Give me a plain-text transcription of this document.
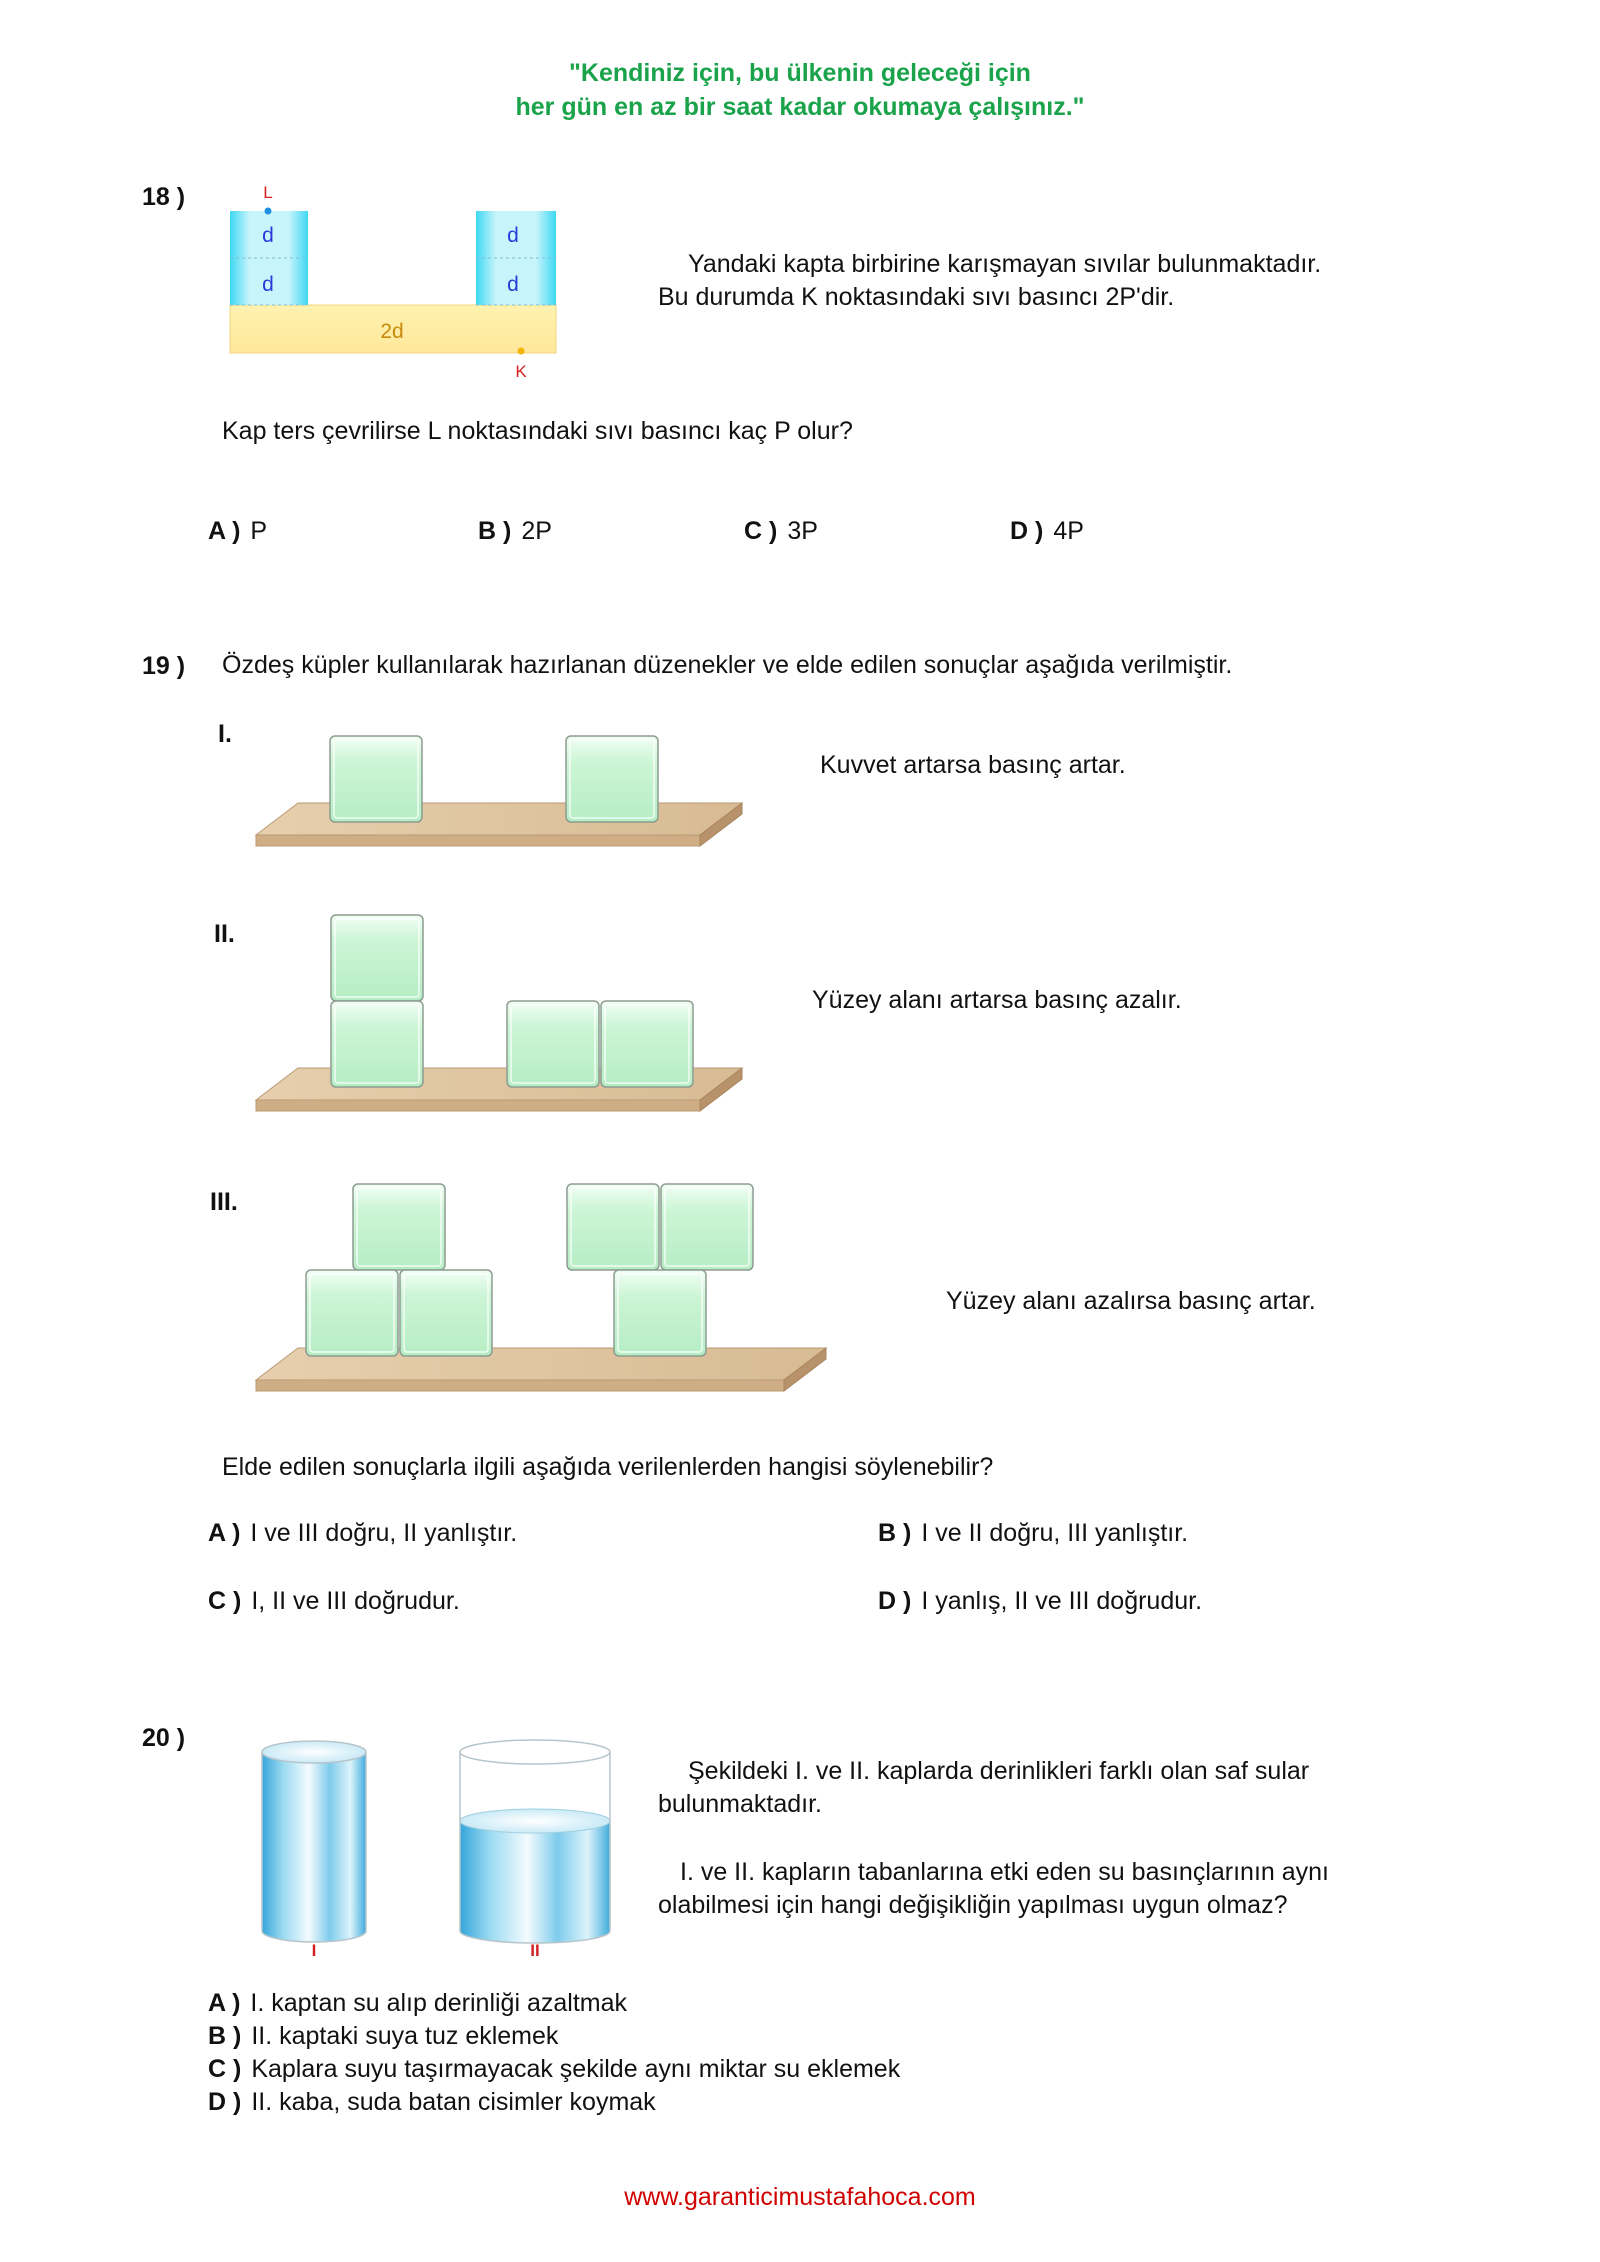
"Kendiniz için, bu ülkenin geleceği için
her gün en az bir saat kadar okumaya çalışınız."
18 )	L
d
d
d
d
2d
K
Yandaki kapta birbirine karışmayan sıvılar bulunmaktadır.
Bu durumda K noktasındaki sıvı basıncı 2P'dir.
Kap ters çevrilirse L noktasındaki sıvı basıncı kaç P olur?
A ) P	B ) 2P	C ) 3P	D ) 4P
19 ) Özdeş küpler kullanılarak hazırlanan düzenekler ve elde edilen sonuçlar aşağıda verilmiştir.
I.
II.
III.
Kuvvet artarsa basınç artar.
Yüzey alanı artarsa basınç azalır.
Yüzey alanı azalırsa basınç artar.
Elde edilen sonuçlarla ilgili aşağıda verilenlerden hangisi söylenebilir?
A ) I ve III doğru, II yanlıştır.	B ) I ve II doğru, III yanlıştır.
C ) I, II ve III doğrudur.	D ) I yanlış, II ve III doğrudur.
20 )
I	II
Şekildeki I. ve II. kaplarda derinlikleri farklı olan saf sular
bulunmaktadır.
I. ve II. kapların tabanlarına etki eden su basınçlarının aynı
olabilmesi için hangi değişikliğin yapılması uygun olmaz?
A ) I. kaptan su alıp derinliği azaltmak
B ) II. kaptaki suya tuz eklemek
C ) Kaplara suyu taşırmayacak şekilde aynı miktar su eklemek
D ) II. kaba, suda batan cisimler koymak
www.garanticimustafahoca.com
